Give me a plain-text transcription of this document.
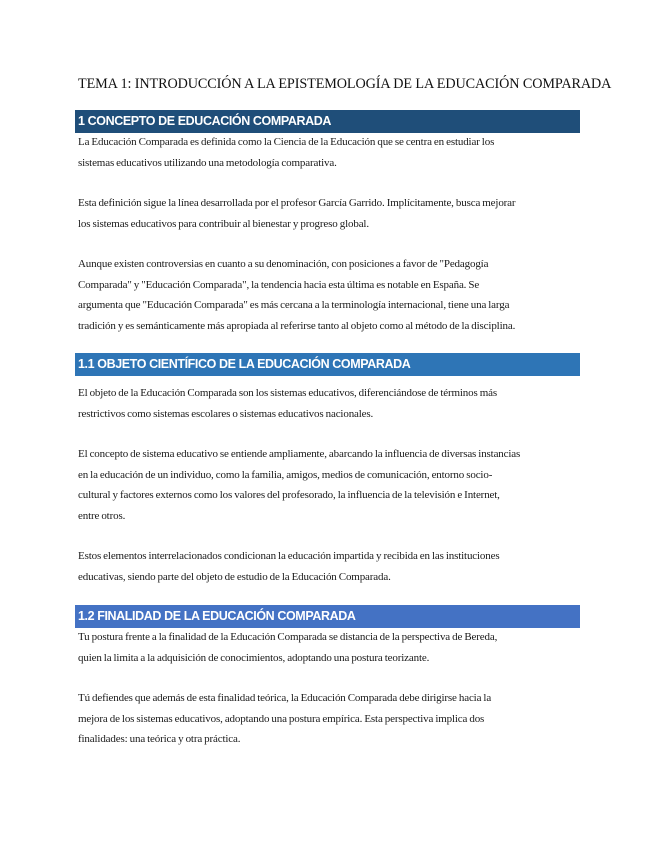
TEMA 1: INTRODUCCIÓN A LA EPISTEMOLOGÍA DE LA EDUCACIÓN COMPARADA
1 CONCEPTO DE EDUCACIÓN COMPARADA
La Educación Comparada es definida como la Ciencia de la Educación que se centra en estudiar los
sistemas educativos utilizando una metodología comparativa.
Esta definición sigue la línea desarrollada por el profesor García Garrido. Implícitamente, busca mejorar
los sistemas educativos para contribuir al bienestar y progreso global.
Aunque existen controversias en cuanto a su denominación, con posiciones a favor de "Pedagogía
Comparada" y "Educación Comparada", la tendencia hacia esta última es notable en España. Se
argumenta que "Educación Comparada" es más cercana a la terminología internacional, tiene una larga
tradición y es semánticamente más apropiada al referirse tanto al objeto como al método de la disciplina.
1.1 OBJETO CIENTÍFICO DE LA EDUCACIÓN COMPARADA
El objeto de la Educación Comparada son los sistemas educativos, diferenciándose de términos más
restrictivos como sistemas escolares o sistemas educativos nacionales.
El concepto de sistema educativo se entiende ampliamente, abarcando la influencia de diversas instancias
en la educación de un individuo, como la familia, amigos, medios de comunicación, entorno socio-
cultural y factores externos como los valores del profesorado, la influencia de la televisión e Internet,
entre otros.
Estos elementos interrelacionados condicionan la educación impartida y recibida en las instituciones
educativas, siendo parte del objeto de estudio de la Educación Comparada.
1.2 FINALIDAD DE LA EDUCACIÓN COMPARADA
Tu postura frente a la finalidad de la Educación Comparada se distancia de la perspectiva de Bereda,
quien la limita a la adquisición de conocimientos, adoptando una postura teorizante.
Tú defiendes que además de esta finalidad teórica, la Educación Comparada debe dirigirse hacia la
mejora de los sistemas educativos, adoptando una postura empírica. Esta perspectiva implica dos
finalidades: una teórica y otra práctica.
